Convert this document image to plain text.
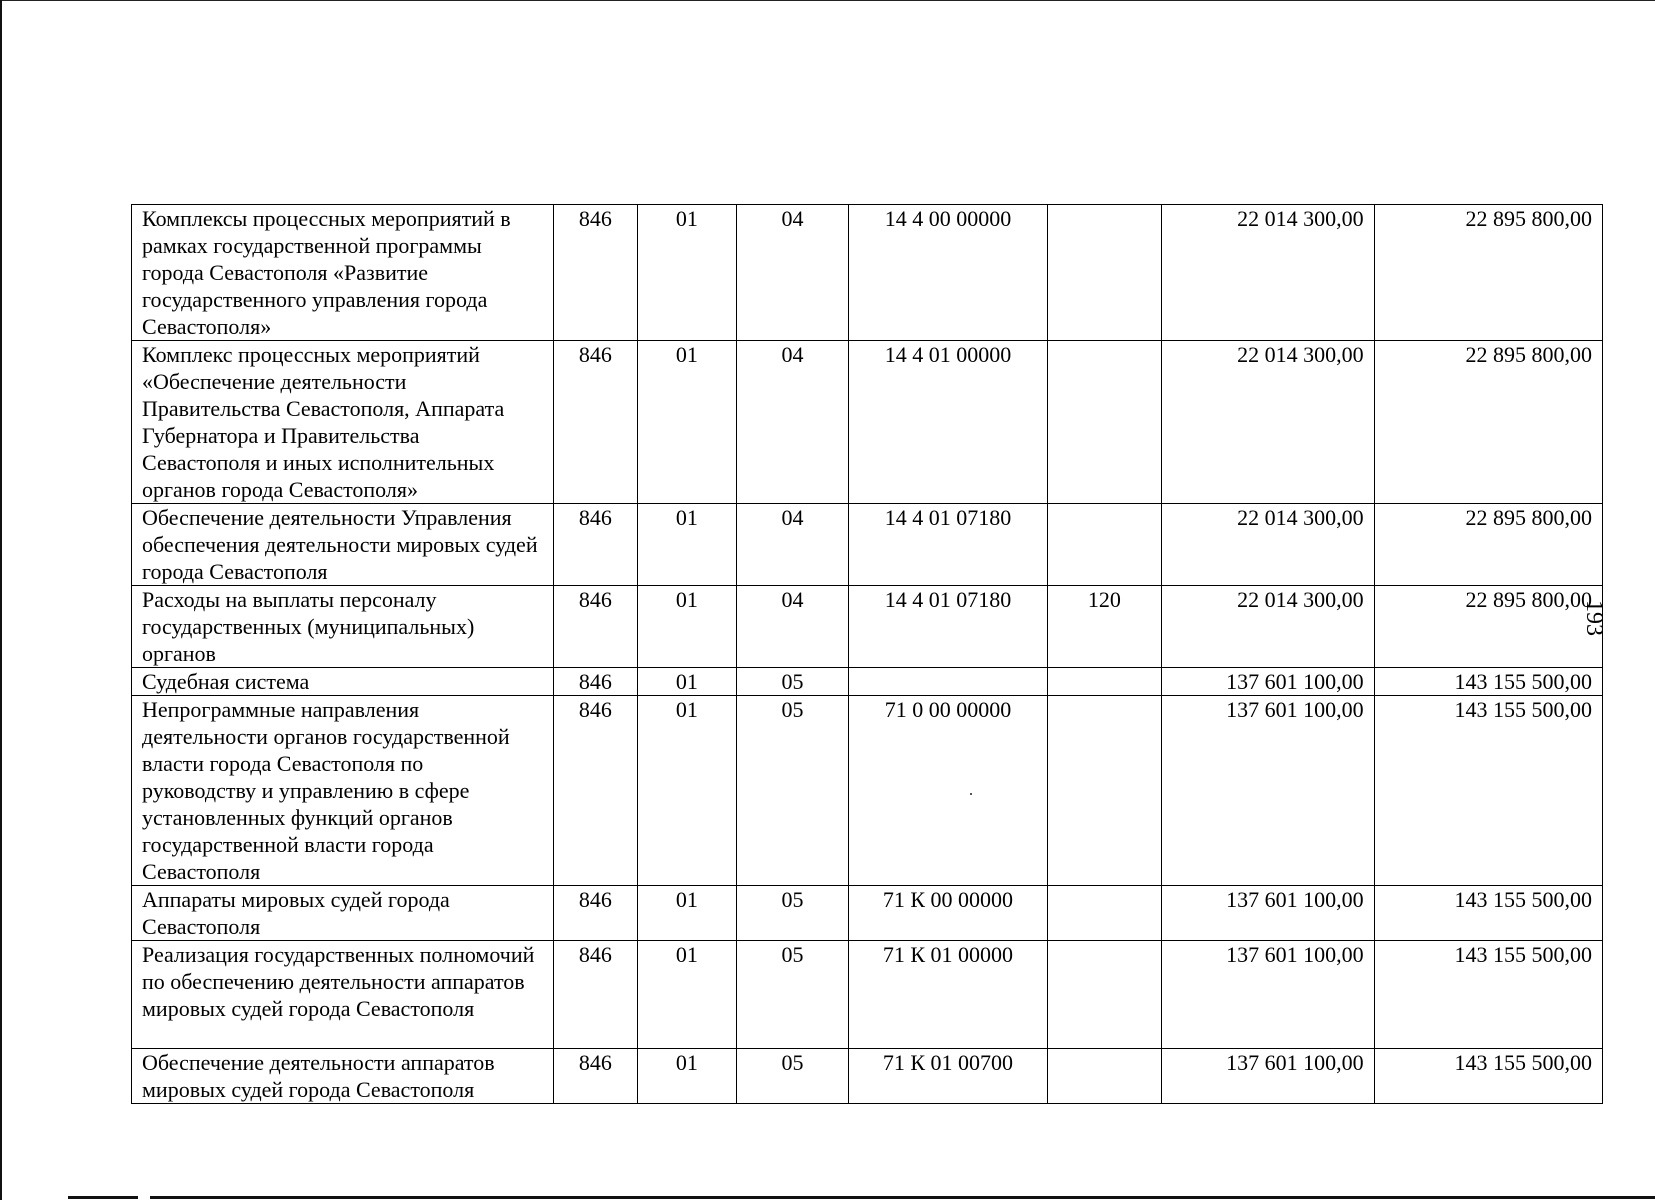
Комплексы процессных мероприятий в рамках государственной программы города Севастополя «Развитие государственного управления города Севастополя»	846	01	04	14 4 00 00000		22 014 300,00	22 895 800,00
Комплекс процессных мероприятий «Обеспечение деятельности Правительства Севастополя, Аппарата Губернатора и Правительства Севастополя и иных исполнительных органов города Севастополя»	846	01	04	14 4 01 00000		22 014 300,00	22 895 800,00
Обеспечение деятельности Управления обеспечения деятельности мировых судей города Севастополя	846	01	04	14 4 01 07180		22 014 300,00	22 895 800,00
Расходы на выплаты персоналу государственных (муниципальных) органов	846	01	04	14 4 01 07180	120	22 014 300,00	22 895 800,00
Судебная система	846	01	05			137 601 100,00	143 155 500,00
Непрограммные направления деятельности органов государственной власти города Севастополя по руководству и управлению в сфере установленных функций органов государственной власти города Севастополя	846	01	05	71 0 00 00000		137 601 100,00	143 155 500,00
Аппараты мировых судей города Севастополя	846	01	05	71 К 00 00000		137 601 100,00	143 155 500,00
Реализация государственных полномочий по обеспечению деятельности аппаратов мировых судей города Севастополя	846	01	05	71 К 01 00000		137 601 100,00	143 155 500,00
Обеспечение деятельности аппаратов мировых судей города Севастополя	846	01	05	71 К 01 00700		137 601 100,00	143 155 500,00
193
